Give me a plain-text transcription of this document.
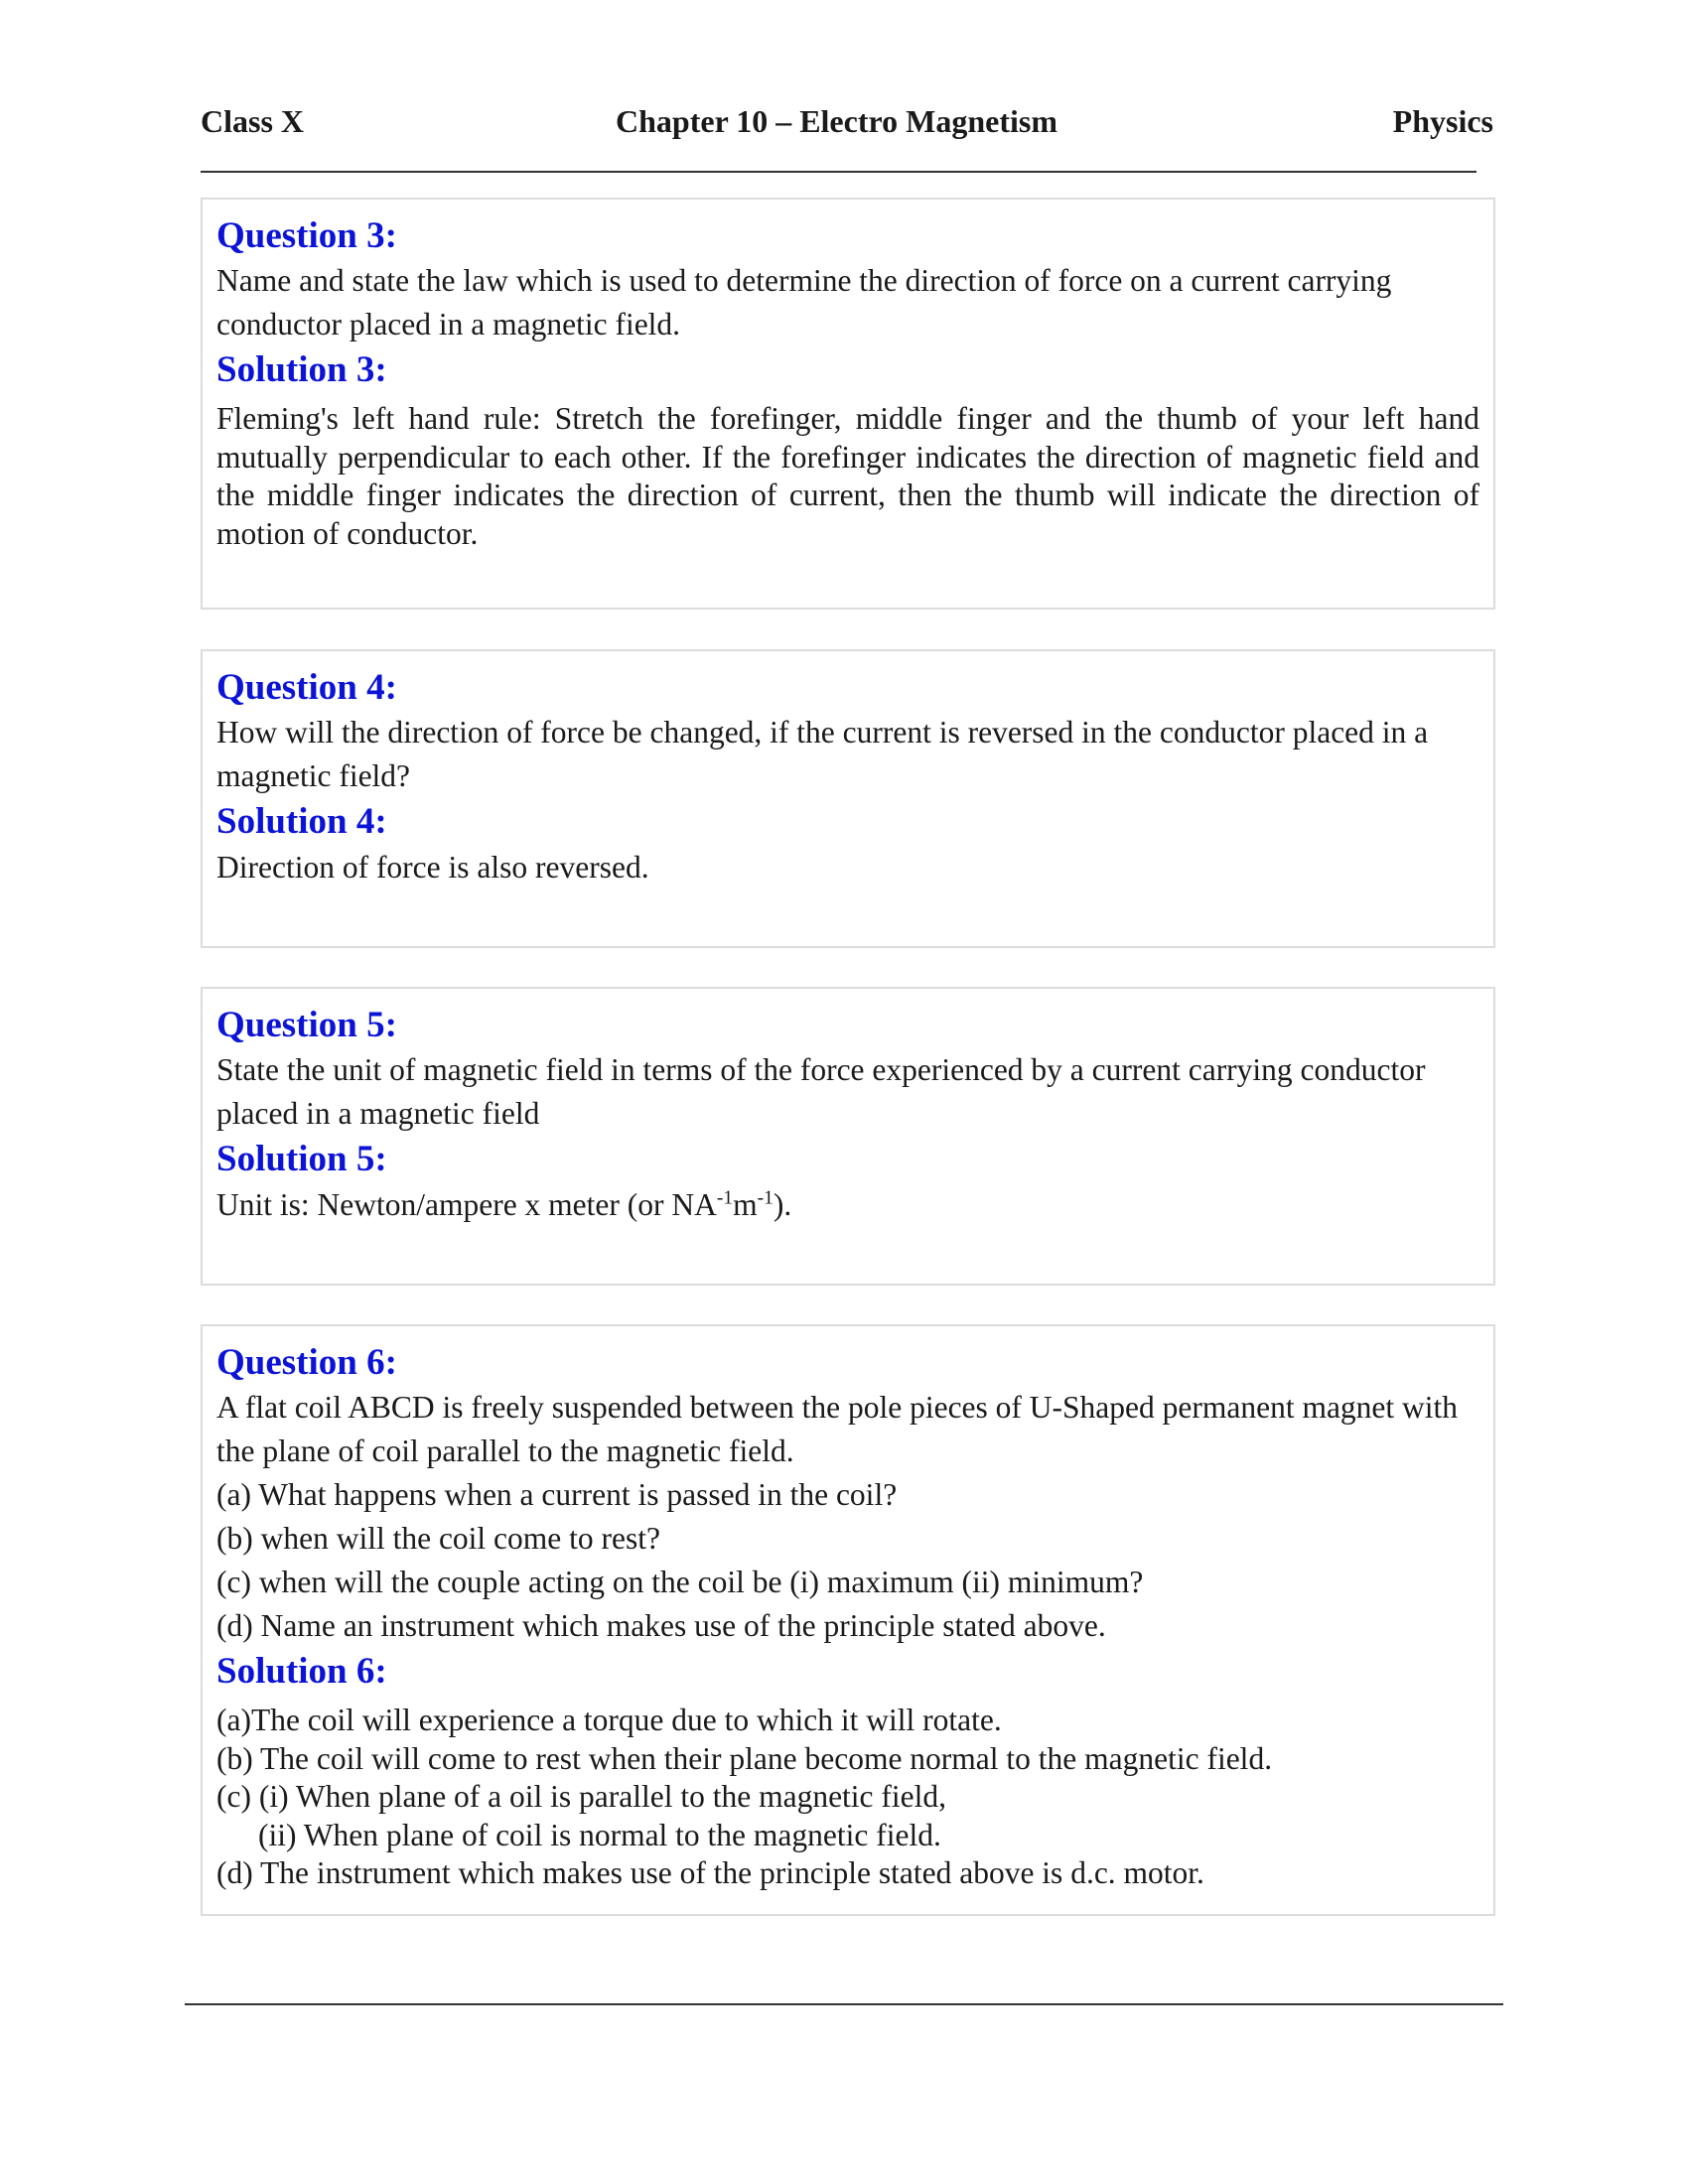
Class X	Chapter 10 – Electro Magnetism	Physics

Question 3:

Name and state the law which is used to determine the direction of force on a current carrying conductor placed in a magnetic field.

Solution 3:

Fleming's left hand rule: Stretch the forefinger, middle finger and the thumb of your left hand mutually perpendicular to each other. If the forefinger indicates the direction of magnetic field and the middle finger indicates the direction of current, then the thumb will indicate the direction of motion of conductor.

Question 4:

How will the direction of force be changed, if the current is reversed in the conductor placed in a magnetic field?

Solution 4:

Direction of force is also reversed.

Question 5:

State the unit of magnetic field in terms of the force experienced by a current carrying conductor placed in a magnetic field

Solution 5:

Unit is: Newton/ampere x meter (or $NA^{-1}m^{-1}$).

Question 6:

A flat coil ABCD is freely suspended between the pole pieces of U-Shaped permanent magnet with the plane of coil parallel to the magnetic field.

(a) What happens when a current is passed in the coil?

(b) when will the coil come to rest?

(c) when will the couple acting on the coil be (i) maximum (ii) minimum?

(d) Name an instrument which makes use of the principle stated above.

Solution 6:

(a)The coil will experience a torque due to which it will rotate.

(b) The coil will come to rest when their plane become normal to the magnetic field.

(c) (i) When plane of a oil is parallel to the magnetic field,

(ii) When plane of coil is normal to the magnetic field.

(d) The instrument which makes use of the principle stated above is d.c. motor.
